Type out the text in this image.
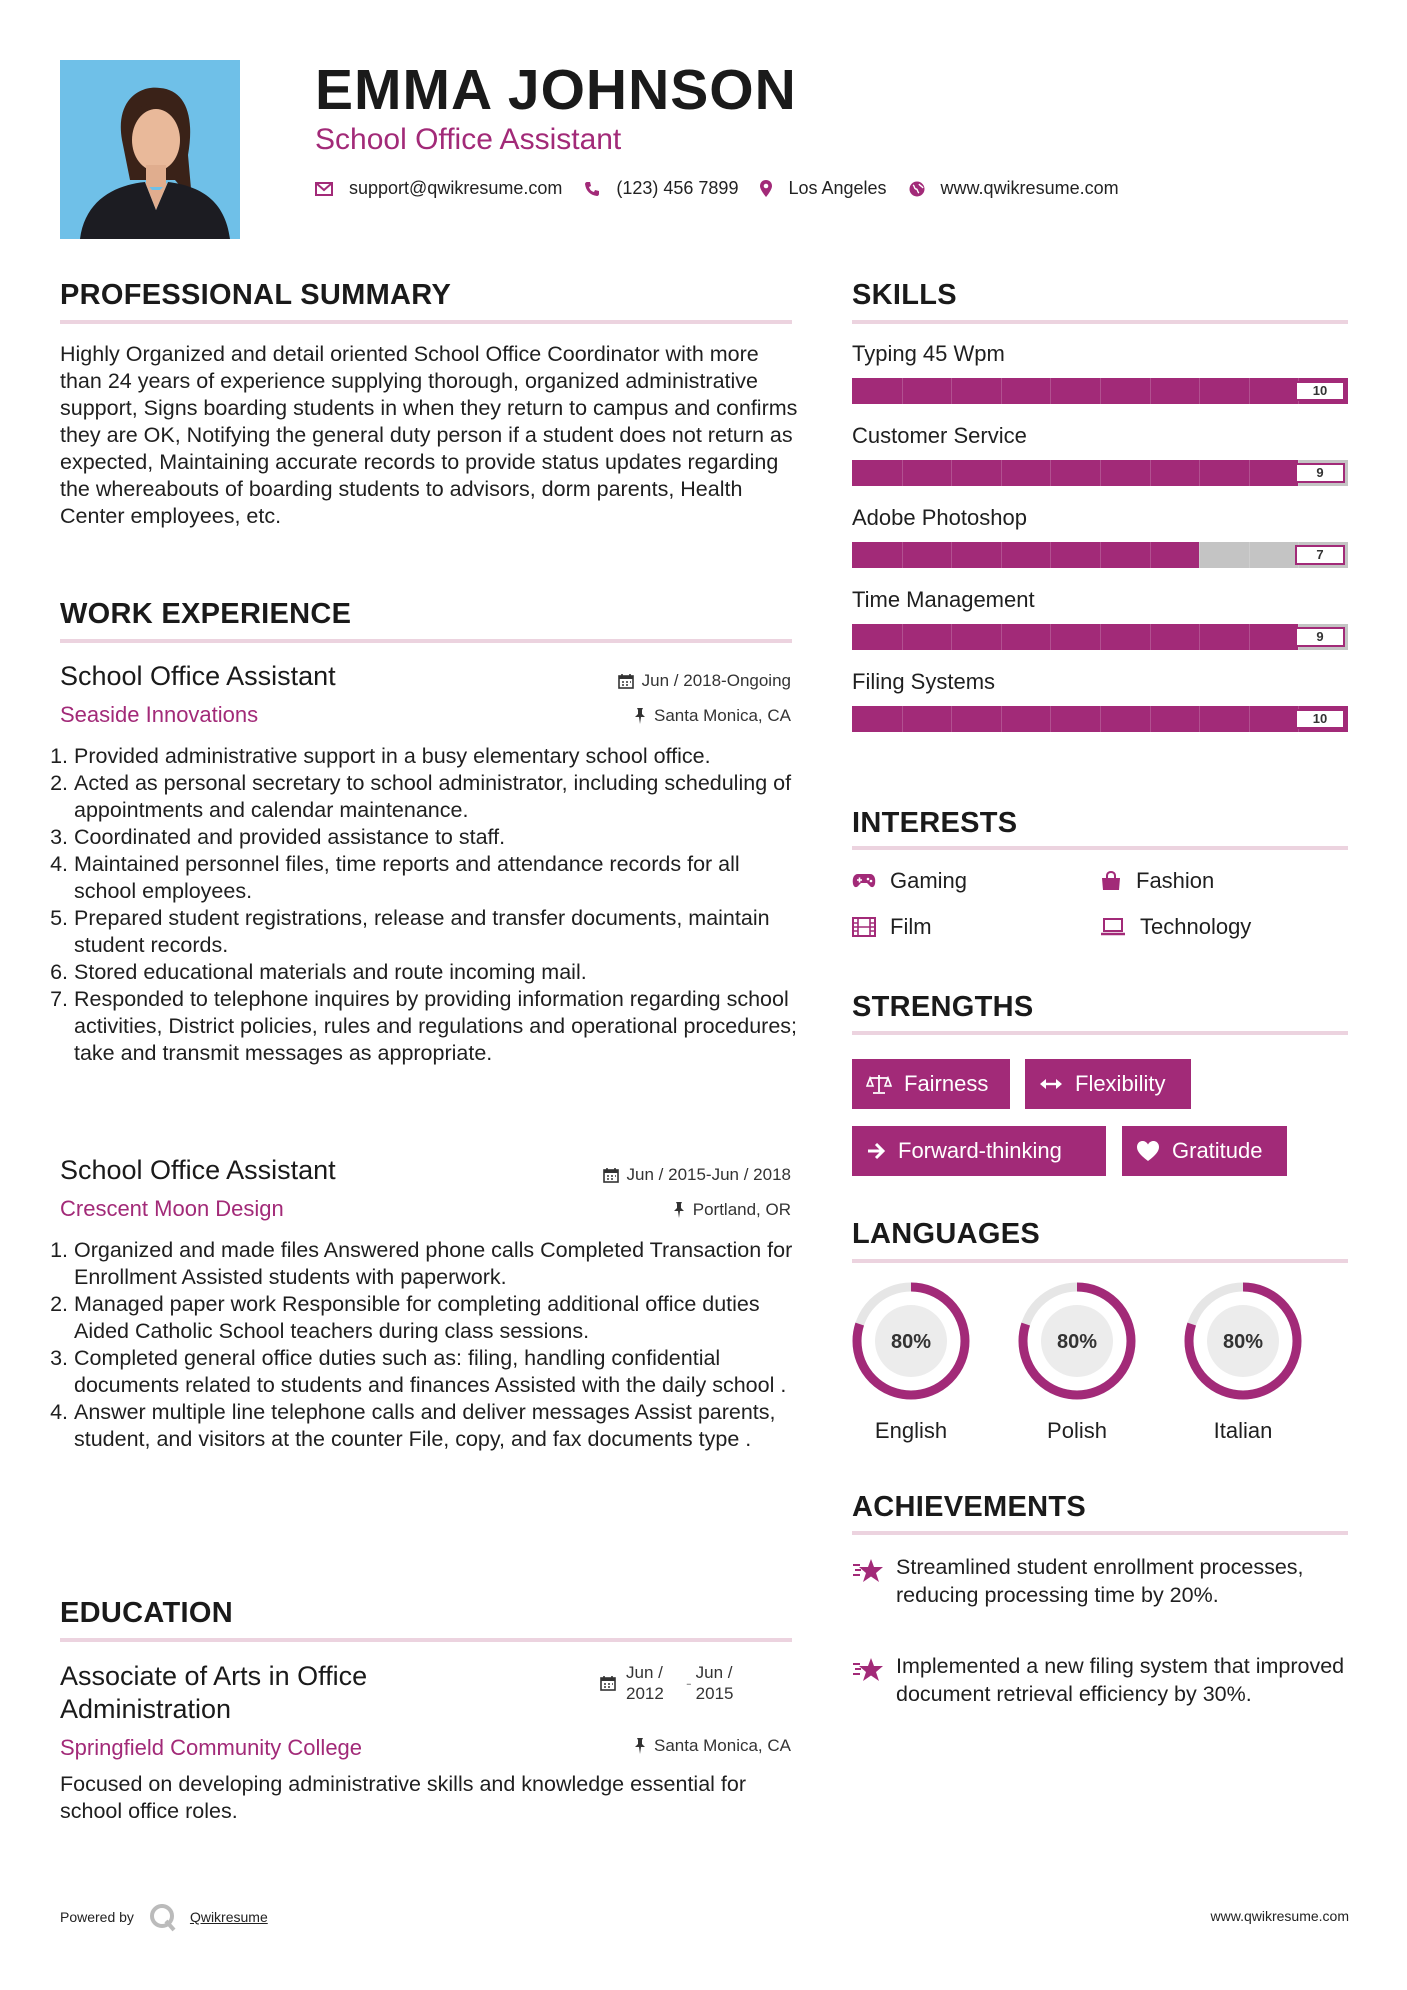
EMMA JOHNSON
School Office Assistant
support@qwikresume.com	(123) 456 7899	Los Angeles	www.qwikresume.com
PROFESSIONAL SUMMARY
Highly Organized and detail oriented School Office Coordinator with more than 24 years of experience supplying thorough, organized administrative support, Signs boarding students in when they return to campus and confirms they are OK, Notifying the general duty person if a student does not return as expected, Maintaining accurate records to provide status updates regarding the whereabouts of boarding students to advisors, dorm parents, Health Center employees, etc.
WORK EXPERIENCE
School Office Assistant	Jun / 2018-Ongoing
Seaside Innovations	Santa Monica, CA
1. Provided administrative support in a busy elementary school office.
2. Acted as personal secretary to school administrator, including scheduling of appointments and calendar maintenance.
3. Coordinated and provided assistance to staff.
4. Maintained personnel files, time reports and attendance records for all school employees.
5. Prepared student registrations, release and transfer documents, maintain student records.
6. Stored educational materials and route incoming mail.
7. Responded to telephone inquires by providing information regarding school activities, District policies, rules and regulations and operational procedures; take and transmit messages as appropriate.
School Office Assistant	Jun / 2015-Jun / 2018
Crescent Moon Design	Portland, OR
1. Organized and made files Answered phone calls Completed Transaction for Enrollment Assisted students with paperwork.
2. Managed paper work Responsible for completing additional office duties Aided Catholic School teachers during class sessions.
3. Completed general office duties such as: filing, handling confidential documents related to students and finances Assisted with the daily school .
4. Answer multiple line telephone calls and deliver messages Assist parents, student, and visitors at the counter File, copy, and fax documents type .
EDUCATION
Associate of Arts in Office
Administration
Jun /
2012
-
Jun /
2015
Springfield Community College	Santa Monica, CA
Focused on developing administrative skills and knowledge essential for school office roles.
SKILLS
Typing 45 Wpm
10
Customer Service
9
Adobe Photoshop
7
Time Management
9
Filing Systems
10
INTERESTS
Gaming	Fashion
Film	Technology
STRENGTHS
Fairness	Flexibility
Forward-thinking	Gratitude
LANGUAGES
80%
English
80%
Polish
80%
Italian
ACHIEVEMENTS
Streamlined student enrollment processes, reducing processing time by 20%.
Implemented a new filing system that improved document retrieval efficiency by 30%.
Powered by	Qwikresume	www.qwikresume.com
